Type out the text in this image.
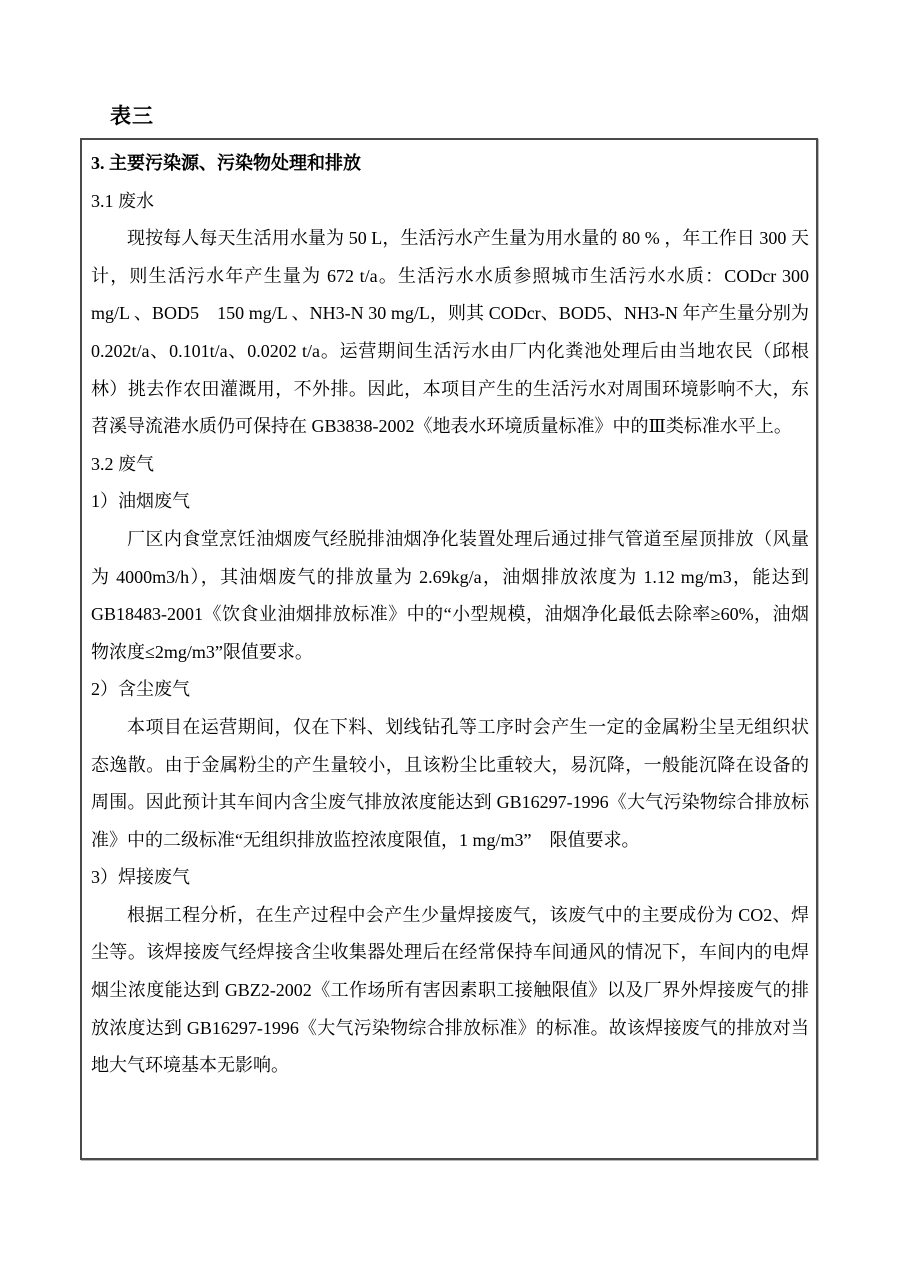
表三
3. 主要污染源、污染物处理和排放
3.1 废水

现按每人每天生活用水量为 50 L，生活污水产生量为用水量的 80 % ，年工作日 300 天计，则生活污水年产生量为 672 t/a。生活污水水质参照城市生活污水水质：CODcr 300 mg/L 、BOD5　150 mg/L 、NH3-N 30 mg/L，则其 CODcr、BOD5、NH3-N 年产生量分别为 0.202t/a、0.101t/a、0.0202 t/a。运营期间生活污水由厂内化粪池处理后由当地农民（邱根林）挑去作农田灌溉用，不外排。因此，本项目产生的生活污水对周围环境影响不大，东苕溪导流港水质仍可保持在 GB3838-2002《地表水环境质量标准》中的Ⅲ类标准水平上。

3.2 废气
1）油烟废气

厂区内食堂烹饪油烟废气经脱排油烟净化装置处理后通过排气管道至屋顶排放（风量为 4000m3/h），其油烟废气的排放量为 2.69kg/a，油烟排放浓度为 1.12 mg/m3，能达到 GB18483-2001《饮食业油烟排放标准》中的“小型规模，油烟净化最低去除率≥60%，油烟物浓度≤2mg/m3”限值要求。

2）含尘废气

本项目在运营期间，仅在下料、划线钻孔等工序时会产生一定的金属粉尘呈无组织状态逸散。由于金属粉尘的产生量较小，且该粉尘比重较大，易沉降，一般能沉降在设备的周围。因此预计其车间内含尘废气排放浓度能达到 GB16297-1996《大气污染物综合排放标准》中的二级标准“无组织排放监控浓度限值，1 mg/m3”　限值要求。

3）焊接废气

根据工程分析，在生产过程中会产生少量焊接废气，该废气中的主要成份为 CO2、焊尘等。该焊接废气经焊接含尘收集器处理后在经常保持车间通风的情况下，车间内的电焊烟尘浓度能达到 GBZ2-2002《工作场所有害因素职工接触限值》以及厂界外焊接废气的排放浓度达到 GB16297-1996《大气污染物综合排放标准》的标准。故该焊接废气的排放对当地大气环境基本无影响。
